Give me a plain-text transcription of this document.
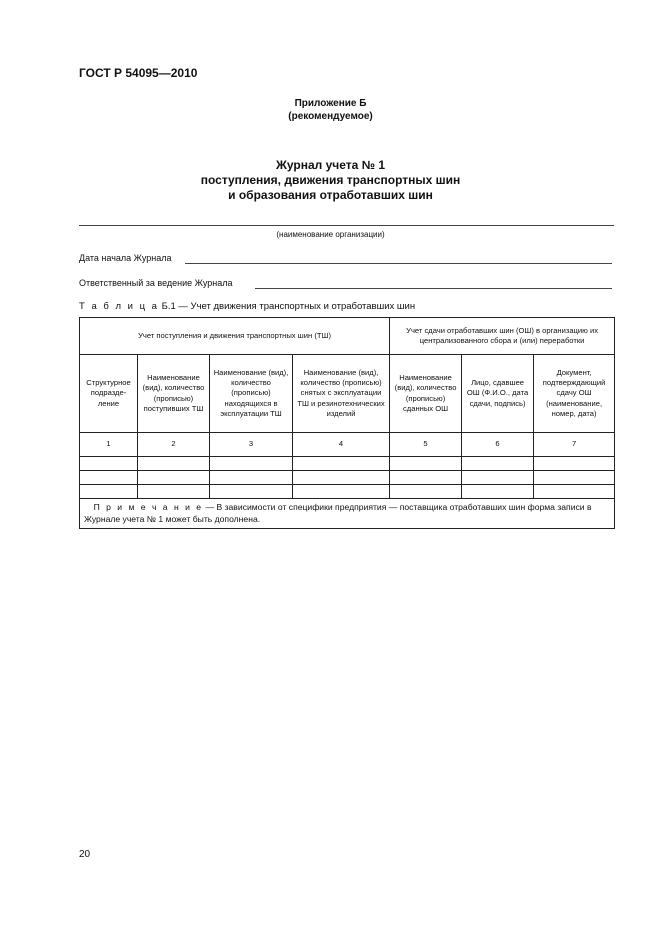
ГОСТ Р 54095—2010
Приложение Б
(рекомендуемое)
Журнал учета № 1
поступления, движения транспортных шин
и образования отработавших шин
(наименование организации)
Дата начала Журнала
Ответственный за ведение Журнала
Т а б л и ц а Б.1 — Учет движения транспортных и отработавших шин
Учет поступления и движения транспортных шин (ТШ)				Учет сдачи отработавших шин (ОШ) в организацию их централизованного сбора и (или) переработки		
Структурное подразде-ление	Наименование (вид), количество (прописью) поступивших ТШ	Наименование (вид), количество (прописью) находящихся в эксплуатации ТШ	Наименование (вид), количество (прописью) снятых с эксплуатации ТШ и резинотехнических изделий	Наименование (вид), количество (прописью) сданных ОШ	Лицо, сдавшее ОШ (Ф.И.О., дата сдачи, подпись)	Документ, подтверждающий сдачу ОШ (наименование, номер, дата)
1	2	3	4	5	6	7

П р и м е ч а н и е — В зависимости от специфики предприятия — поставщика отработавших шин форма записи в Журнале учета № 1 может быть дополнена.						
20
